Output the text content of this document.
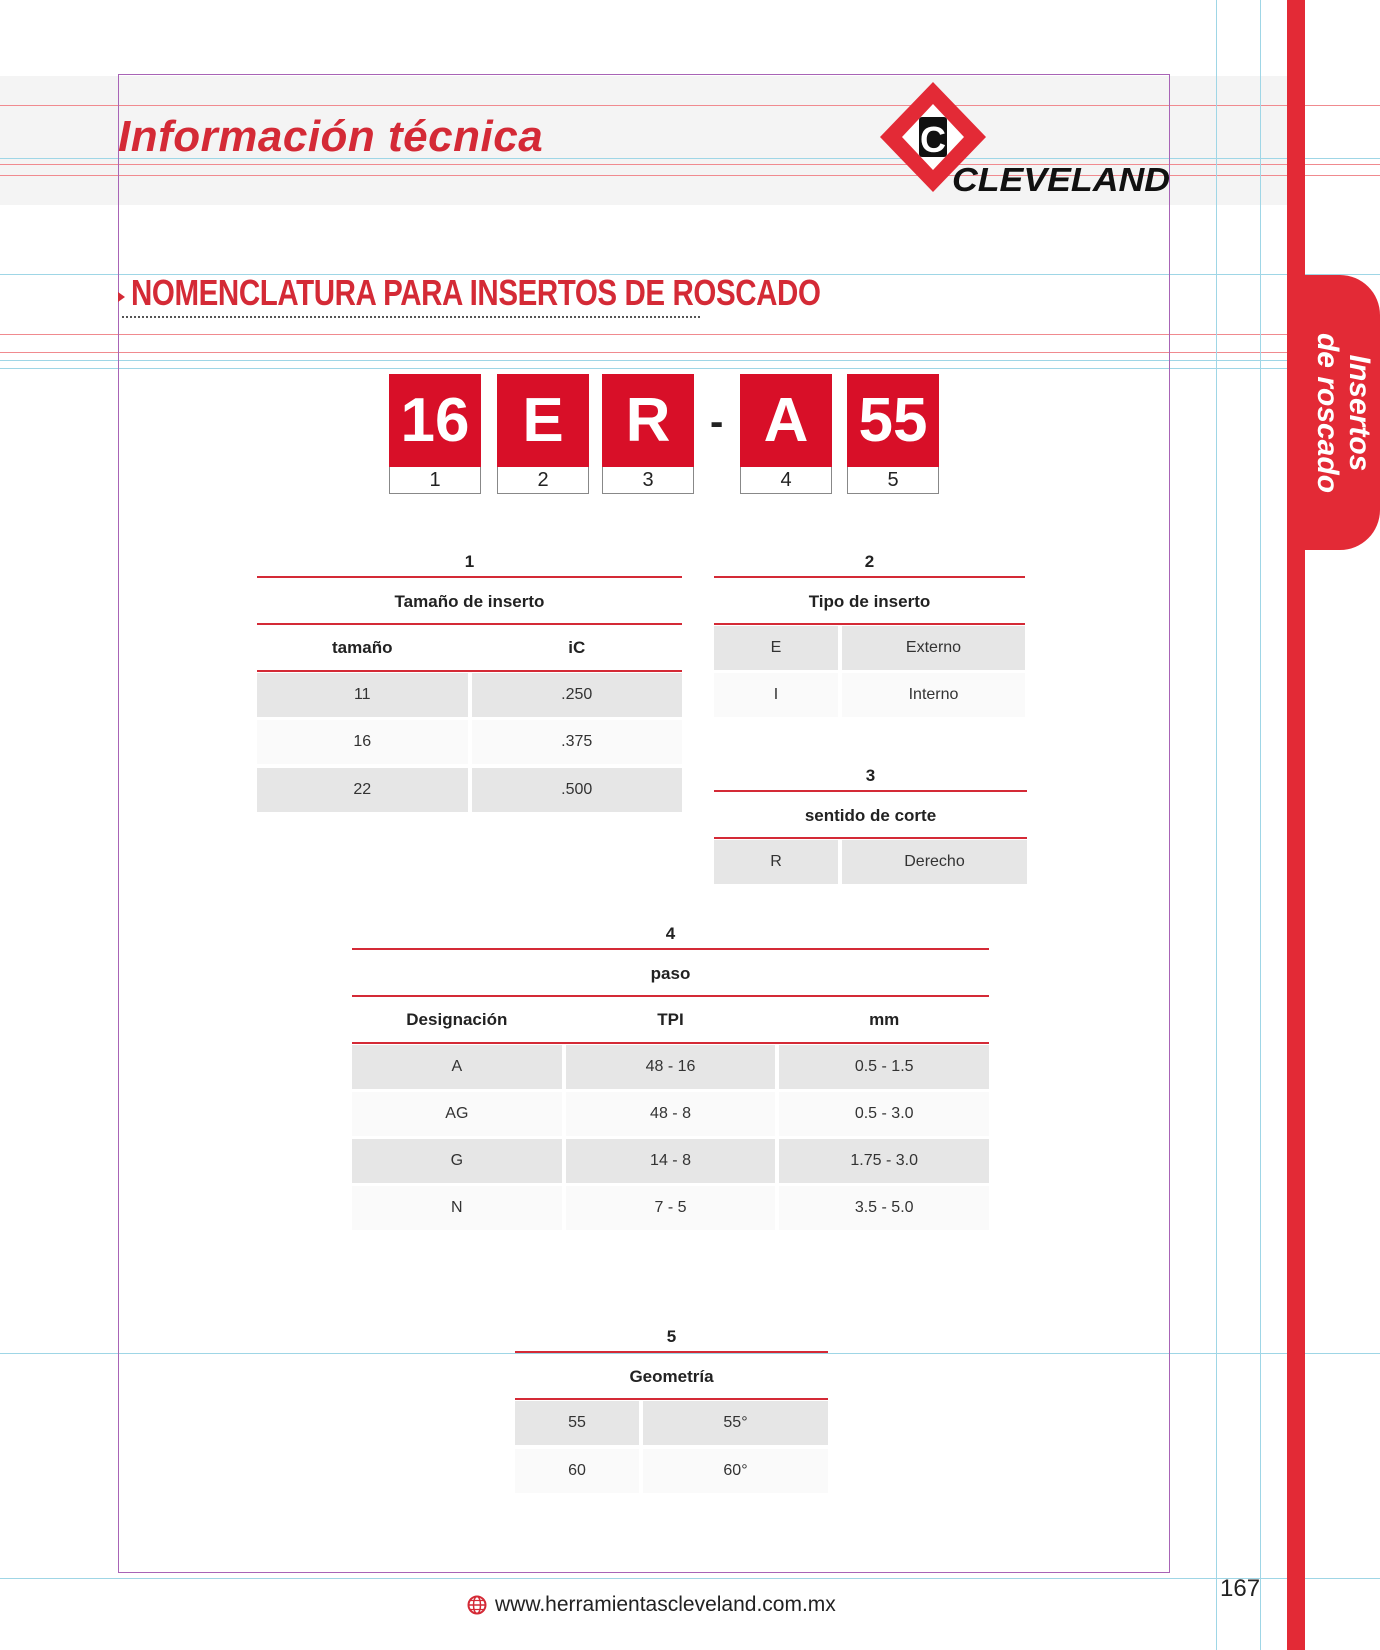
Información técnica	C
®
CLEVELAND
Insertos
de roscado
NOMENCLATURA PARA INSERTOS DE ROSCADO
16
1
E
2
R
3
- A
4
55
5
1
Tamaño de inserto
tamaño	iC
11	.250
16	.375
22	.500
2
Tipo de inserto
E	Externo
I	Interno
3
sentido de corte
R	Derecho
4
paso
Designación	TPI	mm
A	48 - 16	0.5 - 1.5
AG	48 - 8	0.5 - 3.0
G	14 - 8	1.75 - 3.0
N	7 - 5	3.5 - 5.0
5
Geometría
55	55°
60	60°
167
www.herramientascleveland.com.mx
